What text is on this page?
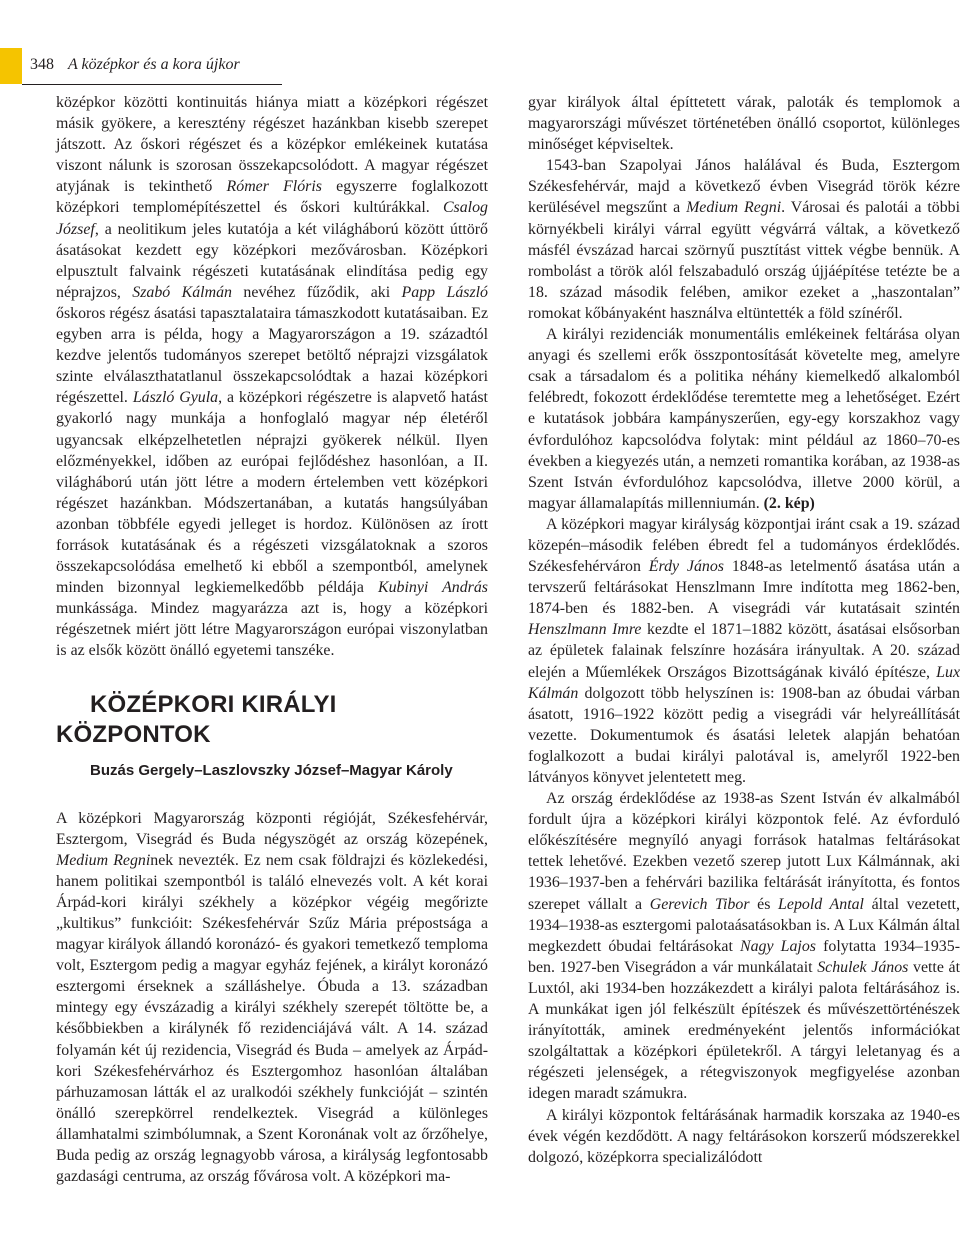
348 A középkor és a kora újkor

középkor közötti kontinuitás hiánya miatt a középkori régészet másik gyökere, a keresztény régészet hazánkban kisebb szerepet játszott. Az őskori régészet és a középkor emlékeinek kutatása viszont nálunk is szorosan összekapcsolódott. A magyar régészet atyjának is tekinthető Rómer Flóris egyszerre foglalkozott középkori templomépítészettel és őskori kultúrákkal. Csalog József, a neolitikum jeles kutatója a két világháború között úttörő ásatásokat kezdett egy középkori mezővárosban. Középkori elpusztult falvaink régészeti kutatásának elindítása pedig egy néprajzos, Szabó Kálmán nevéhez fűződik, aki Papp László őskoros régész ásatási tapasztalataira támaszkodott kutatásaiban. Ez egyben arra is példa, hogy a Magyarországon a 19. századtól kezdve jelentős tudományos szerepet betöltő néprajzi vizsgálatok szinte elválaszthatatlanul összekapcsolódtak a hazai középkori régészettel. László Gyula, a középkori régészetre is alapvető hatást gyakorló nagy munkája a honfoglaló magyar nép életéről ugyancsak elképzelhetetlen néprajzi gyökerek nélkül. Ilyen előzményekkel, időben az európai fejlődéshez hasonlóan, a II. világháború után jött létre a modern értelemben vett középkori régészet hazánkban. Módszertanában, a kutatás hangsúlyában azonban többféle egyedi jelleget is hordoz. Különösen az írott források kutatásának és a régészeti vizsgálatoknak a szoros összekapcsolódása emelhető ki ebből a szempontból, amelynek minden bizonnyal legkiemelkedőbb példája Kubinyi András munkássága. Mindez magyarázza azt is, hogy a középkori régészetnek miért jött létre Magyarországon európai viszonylatban is az elsők között önálló egyetemi tanszéke.

KÖZÉPKORI KIRÁLYI KÖZPONTOK
Buzás Gergely–Laszlovszky József–Magyar Károly

A középkori Magyarország központi régióját, Székesfehérvár, Esztergom, Visegrád és Buda négyszögét az ország közepének, Medium Regninek nevezték. Ez nem csak földrajzi és közlekedési, hanem politikai szempontból is találó elnevezés volt. A két korai Árpád-kori királyi székhely a középkor végéig megőrizte „kultikus” funkcióit: Székesfehérvár Szűz Mária prépostsága a magyar királyok állandó koronázó- és gyakori temetkező temploma volt, Esztergom pedig a magyar egyház fejének, a királyt koronázó esztergomi érseknek a szálláshelye. Óbuda a 13. században mintegy egy évszázadig a királyi székhely szerepét töltötte be, a későbbiekben a királynék fő rezidenciájává vált. A 14. század folyamán két új rezidencia, Visegrád és Buda – amelyek az Árpád-kori Székesfehérvárhoz és Esztergomhoz hasonlóan általában párhuzamosan látták el az uralkodói székhely funkcióját – szintén önálló szerepkörrel rendelkeztek. Visegrád a különleges államhatalmi szimbólumnak, a Szent Koronának volt az őrzőhelye, Buda pedig az ország legnagyobb városa, a királyság legfontosabb gazdasági centruma, az ország fővárosa volt. A középkori ma-

gyar királyok által építtetett várak, paloták és templomok a magyarországi művészet történetében önálló csoportot, különleges minőséget képviseltek.

1543-ban Szapolyai János halálával és Buda, Esztergom Székesfehérvár, majd a következő évben Visegrád török kézre kerülésével megszűnt a Medium Regni. Városai és palotái a többi környékbeli királyi várral együtt végvárrá váltak, a következő másfél évszázad harcai szörnyű pusztítást vittek végbe bennük. A rombolást a török alól felszabaduló ország újjáépítése tetézte be a 18. század második felében, amikor ezeket a „haszontalan” romokat kőbányaként használva eltüntették a föld színéről.

A királyi rezidenciák monumentális emlékeinek feltárása olyan anyagi és szellemi erők összpontosítását követelte meg, amelyre csak a társadalom és a politika néhány kiemelkedő alkalomból felébredt, fokozott érdeklődése teremtette meg a lehetőséget. Ezért e kutatások jobbára kampányszerűen, egy-egy korszakhoz vagy évfordulóhoz kapcsolódva folytak: mint például az 1860–70-es években a kiegyezés után, a nemzeti romantika korában, az 1938-as Szent István évfordulóhoz kapcsolódva, illetve 2000 körül, a magyar államalapítás millenniumán. (2. kép)

A középkori magyar királyság központjai iránt csak a 19. század közepén–második felében ébredt fel a tudományos érdeklődés. Székesfehérváron Érdy János 1848-as letelmentő ásatása után a tervszerű feltárásokat Henszlmann Imre indította meg 1862-ben, 1874-ben és 1882-ben. A visegrádi vár kutatásait szintén Henszlmann Imre kezdte el 1871–1882 között, ásatásai elsősorban az épületek falainak felszínre hozására irányultak. A 20. század elején a Műemlékek Országos Bizottságának kiváló építésze, Lux Kálmán dolgozott több helyszínen is: 1908-ban az óbudai várban ásatott, 1916–1922 között pedig a visegrádi vár helyreállítását vezette. Dokumentumok és ásatási leletek alapján behatóan foglalkozott a budai királyi palotával is, amelyről 1922-ben látványos könyvet jelentetett meg.

Az ország érdeklődése az 1938-as Szent István év alkalmából fordult újra a középkori királyi központok felé. Az évforduló előkészítésére megnyíló anyagi források hatalmas feltárásokat tettek lehetővé. Ezekben vezető szerep jutott Lux Kálmánnak, aki 1936–1937-ben a fehérvári bazilika feltárását irányította, és fontos szerepet vállalt a Gerevich Tibor és Lepold Antal által vezetett, 1934–1938-as esztergomi palotaásatásokban is. A Lux Kálmán által megkezdett óbudai feltárásokat Nagy Lajos folytatta 1934–1935-ben. 1927-ben Visegrádon a vár munkálatait Schulek János vette át Luxtól, aki 1934-ben hozzákezdett a királyi palota feltárásához is. A munkákat igen jól felkészült építészek és művészettörténészek irányították, aminek eredményeként jelentős információkat szolgáltattak a középkori épületekről. A tárgyi leletanyag és a régészeti jelenségek, a rétegviszonyok megfigyelése azonban idegen maradt számukra.

A királyi központok feltárásának harmadik korszaka az 1940-es évek végén kezdődött. A nagy feltárásokon korszerű módszerekkel dolgozó, középkorra specializálódott
